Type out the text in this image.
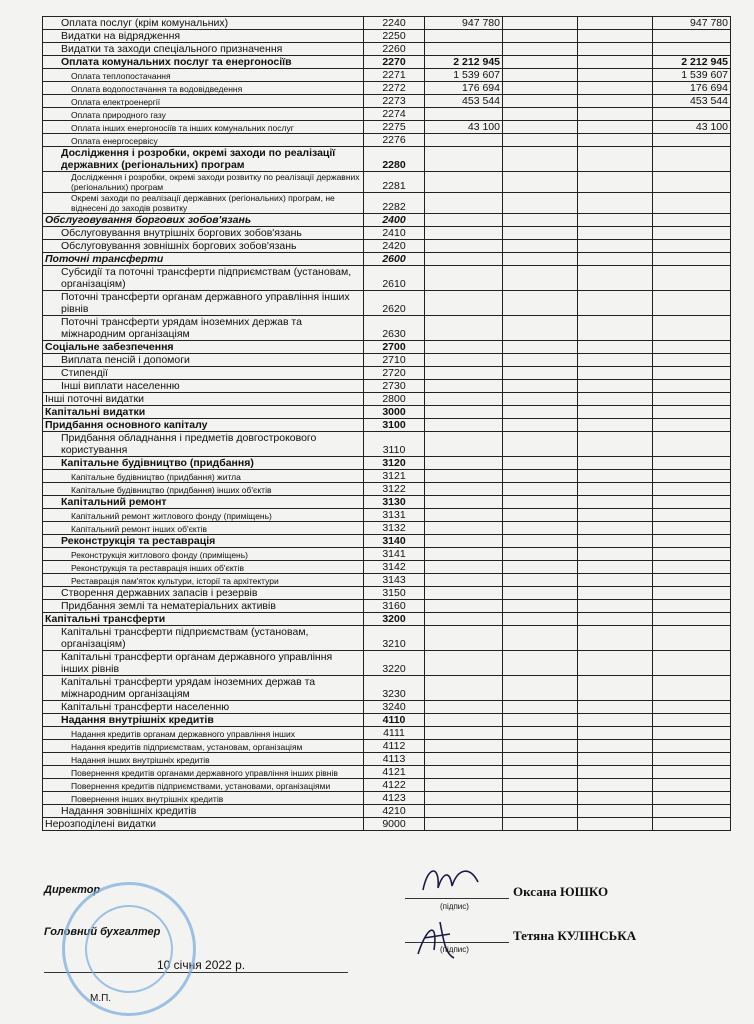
Оплата послуг (крім комунальних)	2240	947 780			947 780
Видатки на відрядження	2250				
Видатки та заходи спеціального призначення	2260				
Оплата комунальних послуг та енергоносіїв	2270	2 212 945			2 212 945
Оплата теплопостачання	2271	1 539 607			1 539 607
Оплата водопостачання та водовідведення	2272	176 694			176 694
Оплата електроенергії	2273	453 544			453 544
Оплата природного газу	2274				
Оплата інших енергоносіїв та інших комунальних послуг	2275	43 100			43 100
Оплата енергосервісу	2276				
Дослідження і розробки, окремі заходи по реалізації державних (регіональних) програм	2280				
Дослідження і розробки, окремі заходи розвитку по реалізації державних (регіональних) програм	2281				
Окремі заходи по реалізації державних (регіональних) програм, не віднесені до заходів розвитку	2282				
Обслуговування боргових зобов'язань	2400				
Обслуговування внутрішніх боргових зобов'язань	2410				
Обслуговування зовнішніх боргових зобов'язань	2420				
Поточні трансферти	2600				
Субсидії та поточні трансферти підприємствам (установам, організаціям)	2610				
Поточні трансферти органам державного управління інших рівнів	2620				
Поточні трансферти урядам іноземних держав та міжнародним організаціям	2630				
Соціальне забезпечення	2700				
Виплата пенсій і допомоги	2710				
Стипендії	2720				
Інші виплати населенню	2730				
Інші поточні видатки	2800				
Капітальні видатки	3000				
Придбання основного капіталу	3100				
Придбання обладнання і предметів довгострокового користування	3110				
Капітальне будівництво (придбання)	3120				
Капітальне будівництво (придбання) житла	3121				
Капітальне будівництво (придбання) інших об'єктів	3122				
Капітальний ремонт	3130				
Капітальний ремонт житлового фонду (приміщень)	3131				
Капітальний ремонт інших об'єктів	3132				
Реконструкція та реставрація	3140				
Реконструкція житлового фонду (приміщень)	3141				
Реконструкція та реставрація інших об'єктів	3142				
Реставрація пам'яток культури, історії та архітектури	3143				
Створення державних запасів і резервів	3150				
Придбання землі та нематеріальних активів	3160				
Капітальні трансферти	3200				
Капітальні трансферти підприємствам (установам, організаціям)	3210				
Капітальні трансферти органам державного управління інших рівнів	3220				
Капітальні трансферти урядам іноземних держав та міжнародним організаціям	3230				
Капітальні трансферти населенню	3240				
Надання внутрішніх кредитів	4110				
Надання кредитів органам державного управління інших	4111				
Надання кредитів підприємствам, установам, організаціям	4112				
Надання інших внутрішніх кредитів	4113				
Повернення кредитів органами державного управління інших рівнів	4121				
Повернення кредитів підприємствами, установами, організаціями	4122				
Повернення інших внутрішніх кредитів	4123				
Надання зовнішніх кредитів	4210				
Нерозподілені видатки	9000				
Директор
(підпис)
Оксана ЮШКО
Головний бухгалтер
(підпис)
Тетяна КУЛІНСЬКА
10 січня 2022 р.
М.П.
